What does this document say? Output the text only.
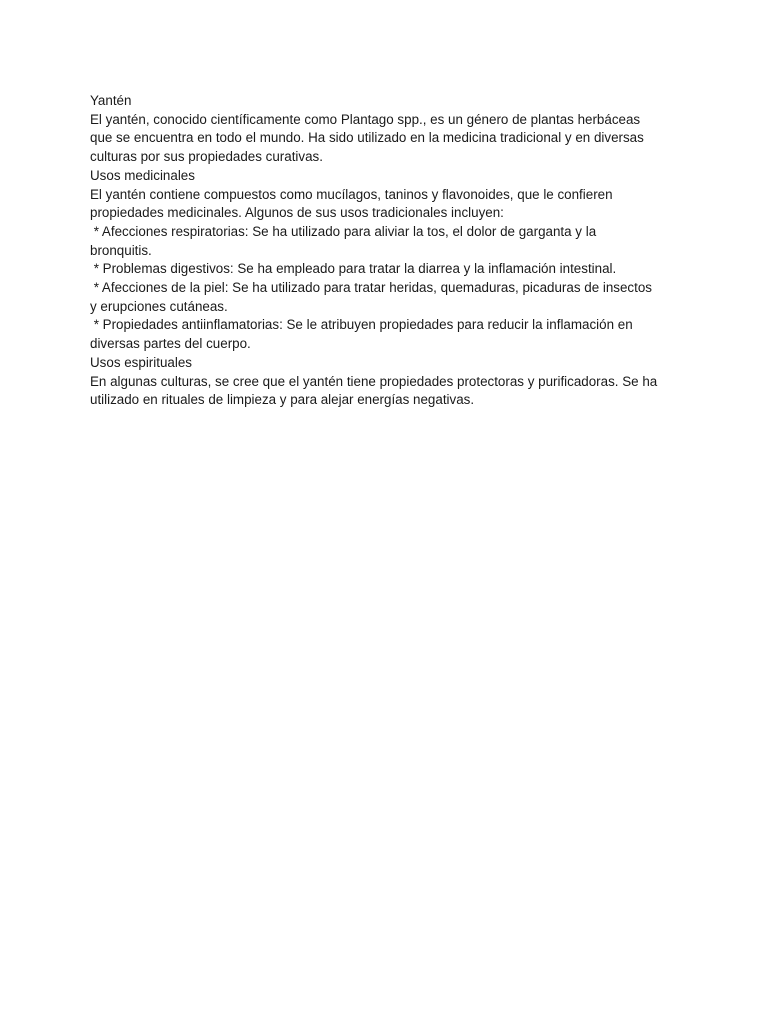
Yantén
El yantén, conocido científicamente como Plantago spp., es un género de plantas herbáceas
que se encuentra en todo el mundo. Ha sido utilizado en la medicina tradicional y en diversas
culturas por sus propiedades curativas.
Usos medicinales
El yantén contiene compuestos como mucílagos, taninos y flavonoides, que le confieren
propiedades medicinales. Algunos de sus usos tradicionales incluyen:
* Afecciones respiratorias: Se ha utilizado para aliviar la tos, el dolor de garganta y la
bronquitis.
* Problemas digestivos: Se ha empleado para tratar la diarrea y la inflamación intestinal.
* Afecciones de la piel: Se ha utilizado para tratar heridas, quemaduras, picaduras de insectos
y erupciones cutáneas.
* Propiedades antiinflamatorias: Se le atribuyen propiedades para reducir la inflamación en
diversas partes del cuerpo.
Usos espirituales
En algunas culturas, se cree que el yantén tiene propiedades protectoras y purificadoras. Se ha
utilizado en rituales de limpieza y para alejar energías negativas.
